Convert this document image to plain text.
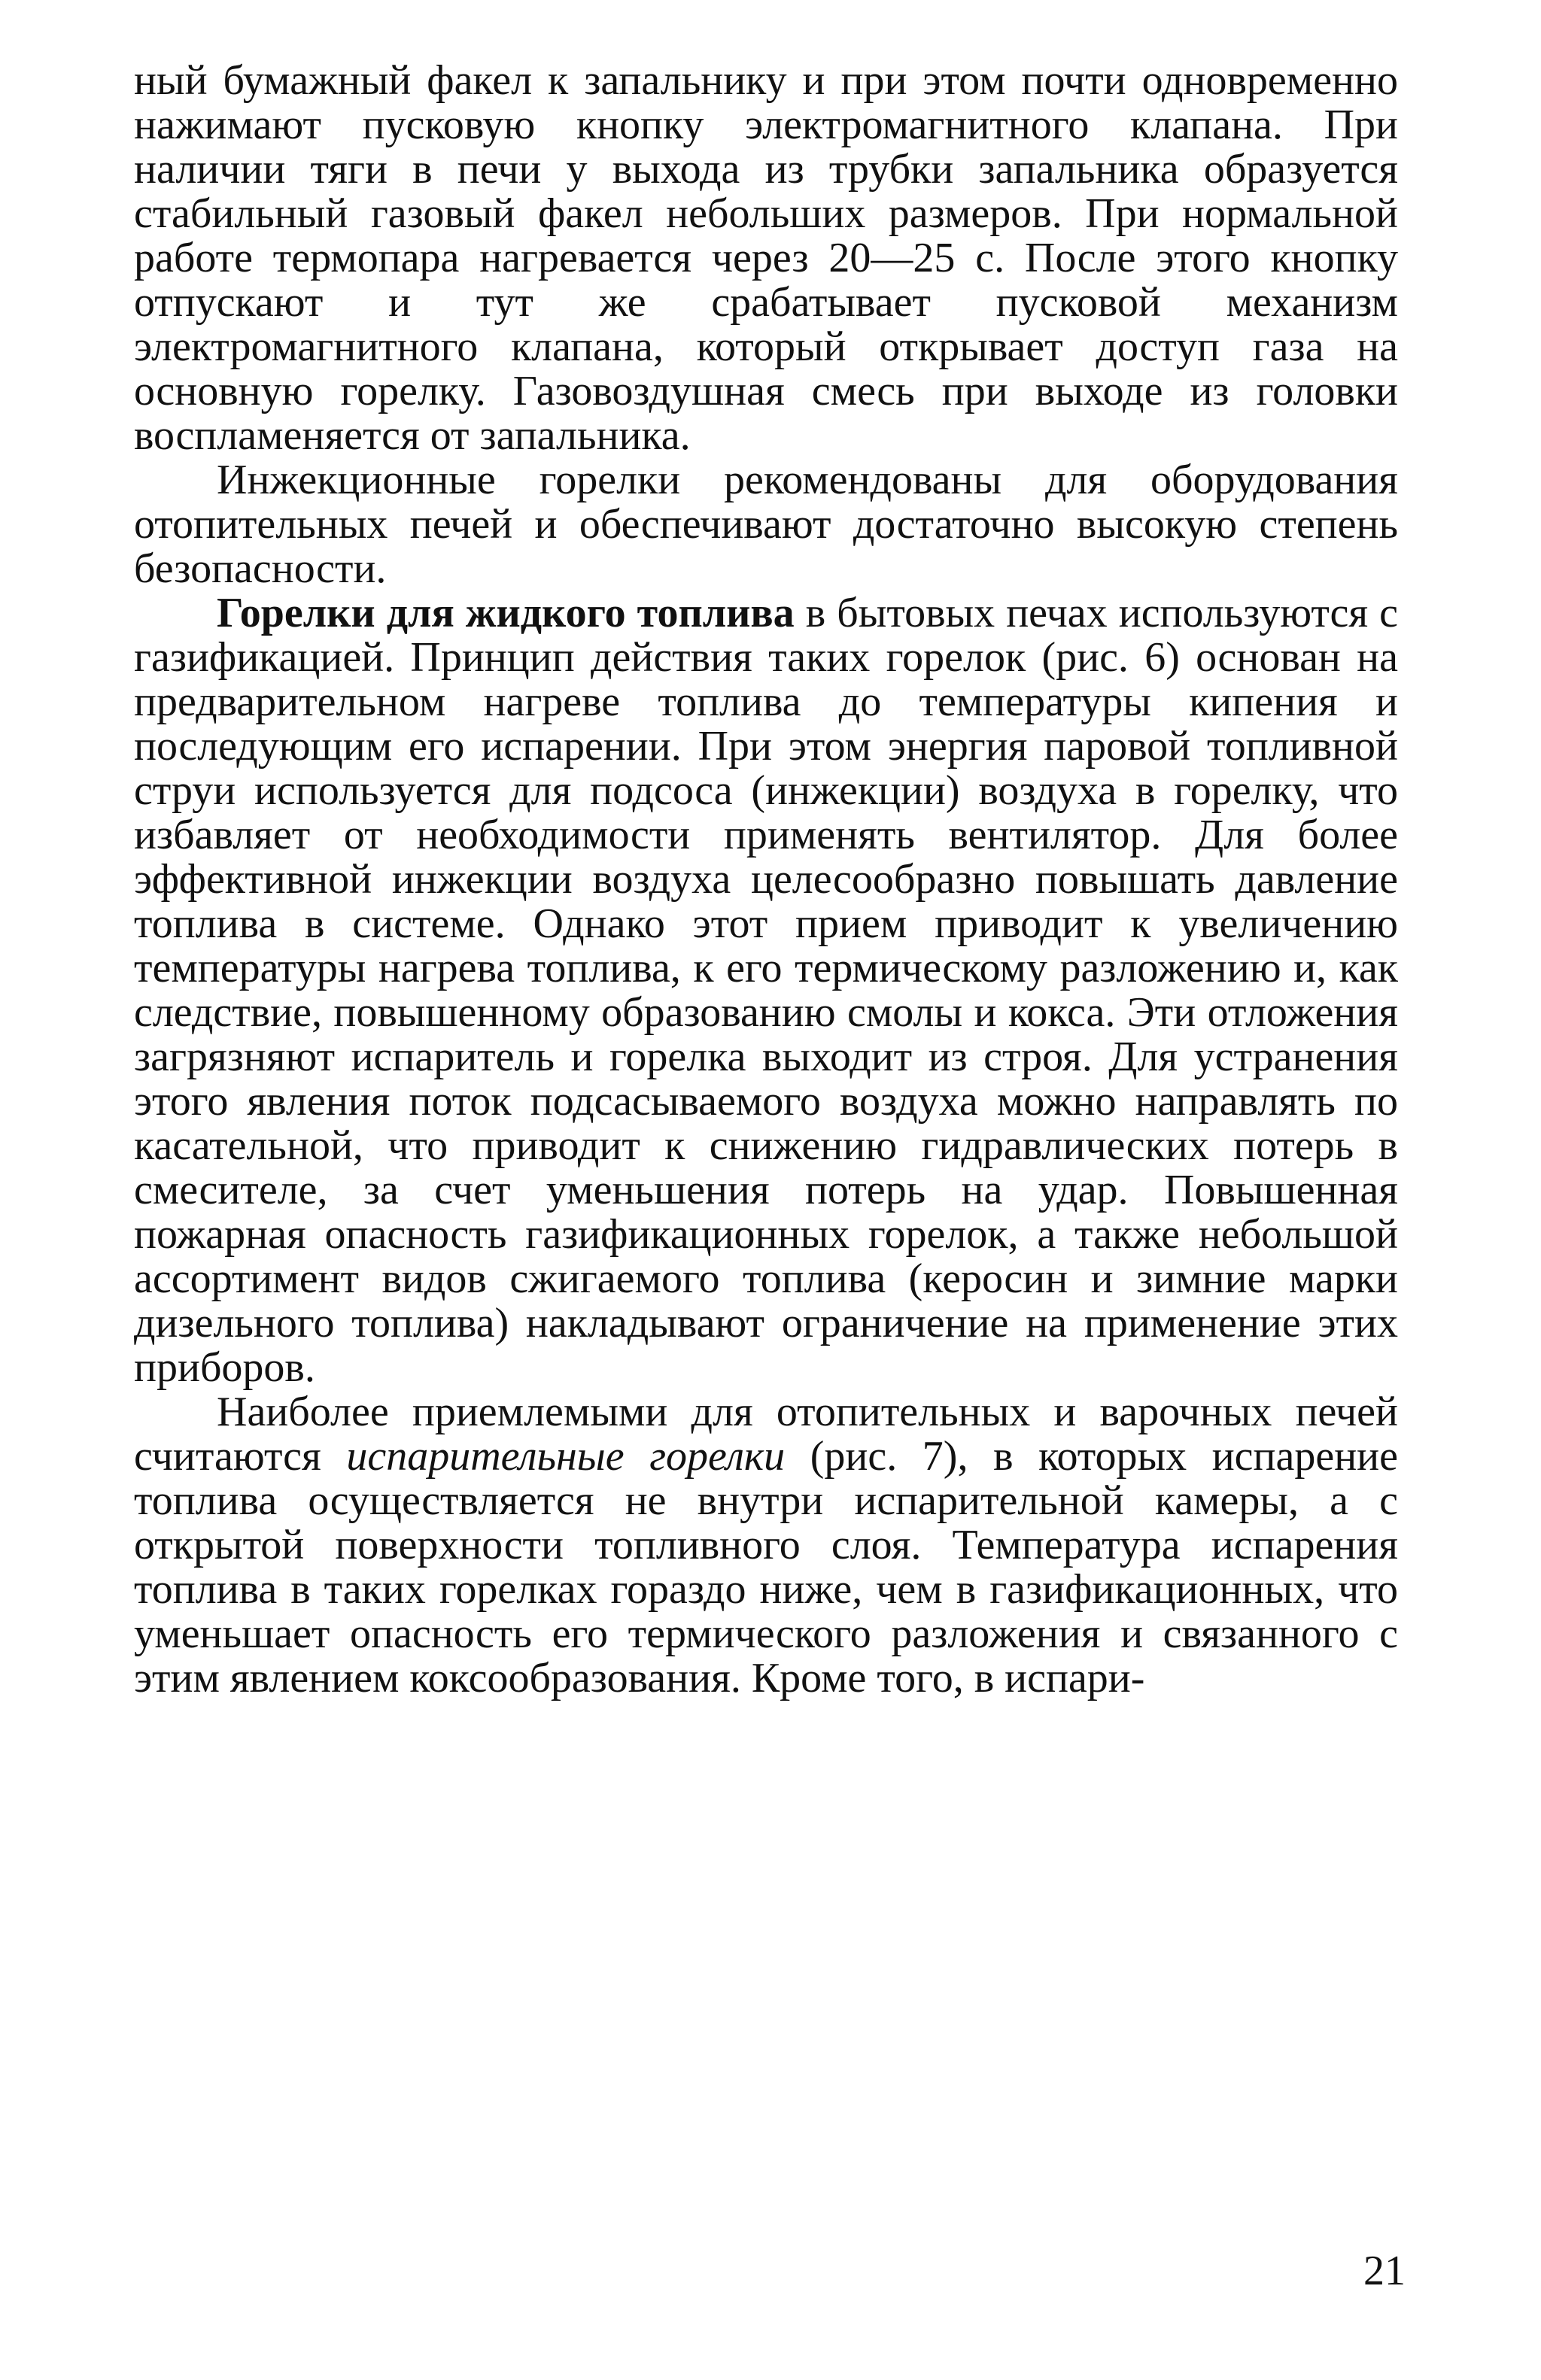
ный бумажный факел к запальнику и при этом почти одновременно нажимают пусковую кнопку электромагнитного клапана. При наличии тяги в печи у выхода из трубки запальника образуется стабильный газовый факел небольших размеров. При нормальной работе термопара нагревается через 20—25 с. После этого кнопку отпускают и тут же срабатывает пусковой механизм электромагнитного клапана, который открывает доступ газа на основную горелку. Газовоздушная смесь при выходе из головки воспламеняется от запальника.

Инжекционные горелки рекомендованы для оборудования отопительных печей и обеспечивают достаточно высокую степень безопасности.

Горелки для жидкого топлива в бытовых печах используются с газификацией. Принцип действия таких горелок (рис. 6) основан на предварительном нагреве топлива до температуры кипения и последующим его испарении. При этом энергия паровой топливной струи используется для подсоса (инжекции) воздуха в горелку, что избавляет от необходимости применять вентилятор. Для более эффективной инжекции воздуха целесообразно повышать давление топлива в системе. Однако этот прием приводит к увеличению температуры нагрева топлива, к его термическому разложению и, как следствие, повышенному образованию смолы и кокса. Эти отложения загрязняют испаритель и горелка выходит из строя. Для устранения этого явления поток подсасываемого воздуха можно направлять по касательной, что приводит к снижению гидравлических потерь в смесителе, за счет уменьшения потерь на удар. Повышенная пожарная опасность газификационных горелок, а также небольшой ассортимент видов сжигаемого топлива (керосин и зимние марки дизельного топлива) накладывают ограничение на применение этих приборов.

Наиболее приемлемыми для отопительных и варочных печей считаются испарительные горелки (рис. 7), в которых испарение топлива осуществляется не внутри испарительной камеры, а с открытой поверхности топливного слоя. Температура испарения топлива в таких горелках гораздо ниже, чем в газификационных, что уменьшает опасность его термического разложения и связанного с этим явлением коксообразования. Кроме того, в испари-

21
